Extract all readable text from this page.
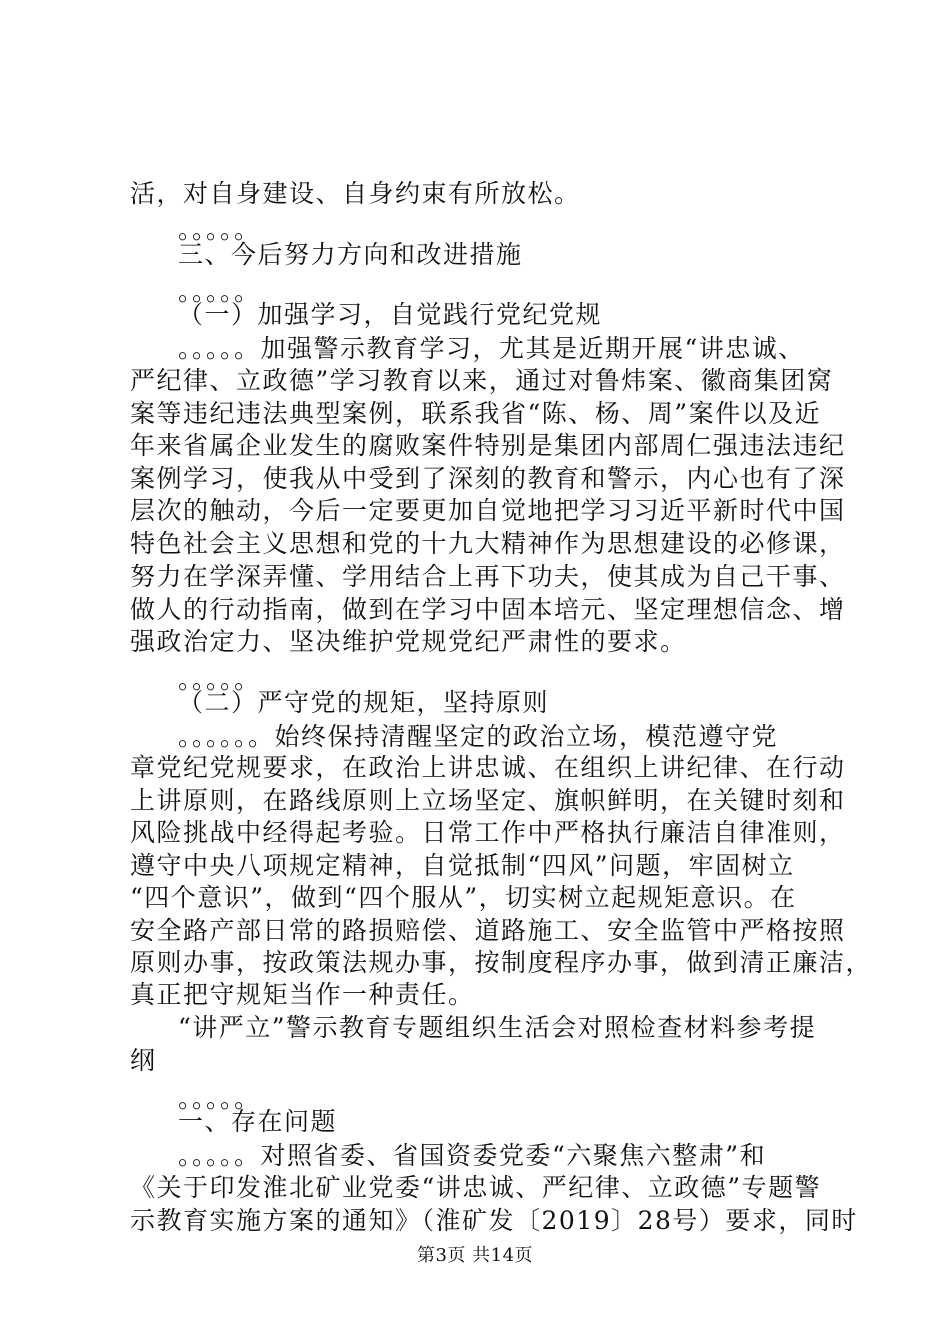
活，对自身建设、自身约束有所放松。
。。。。。
三、今后努力方向和改进措施
。。。。。
（一）加强学习，自觉践行党纪党规
。。。。。加强警示教育学习，尤其是近期开展“讲忠诚、
严纪律、立政德”学习教育以来，通过对鲁炜案、徽商集团窝
案等违纪违法典型案例，联系我省“陈、杨、周”案件以及近
年来省属企业发生的腐败案件特别是集团内部周仁强违法违纪
案例学习，使我从中受到了深刻的教育和警示，内心也有了深
层次的触动，今后一定要更加自觉地把学习习近平新时代中国
特色社会主义思想和党的十九大精神作为思想建设的必修课，
努力在学深弄懂、学用结合上再下功夫，使其成为自己干事、
做人的行动指南，做到在学习中固本培元、坚定理想信念、增
强政治定力、坚决维护党规党纪严肃性的要求。
。。。。。
（二）严守党的规矩，坚持原则
。。。。。。始终保持清醒坚定的政治立场，模范遵守党
章党纪党规要求，在政治上讲忠诚、在组织上讲纪律、在行动
上讲原则，在路线原则上立场坚定、旗帜鲜明，在关键时刻和
风险挑战中经得起考验。日常工作中严格执行廉洁自律准则，
遵守中央八项规定精神，自觉抵制“四风”问题，牢固树立
“四个意识”，做到“四个服从”，切实树立起规矩意识。在
安全路产部日常的路损赔偿、道路施工、安全监管中严格按照
原则办事，按政策法规办事，按制度程序办事，做到清正廉洁，
真正把守规矩当作一种责任。
“讲严立”警示教育专题组织生活会对照检查材料参考提
纲
。。。。。
一、存在问题
。。。。。对照省委、省国资委党委“六聚焦六整肃”和
《关于印发淮北矿业党委“讲忠诚、严纪律、立政德”专题警
示教育实施方案的通知》（淮矿发〔2019〕28号）要求，同时
第3页 共14页
